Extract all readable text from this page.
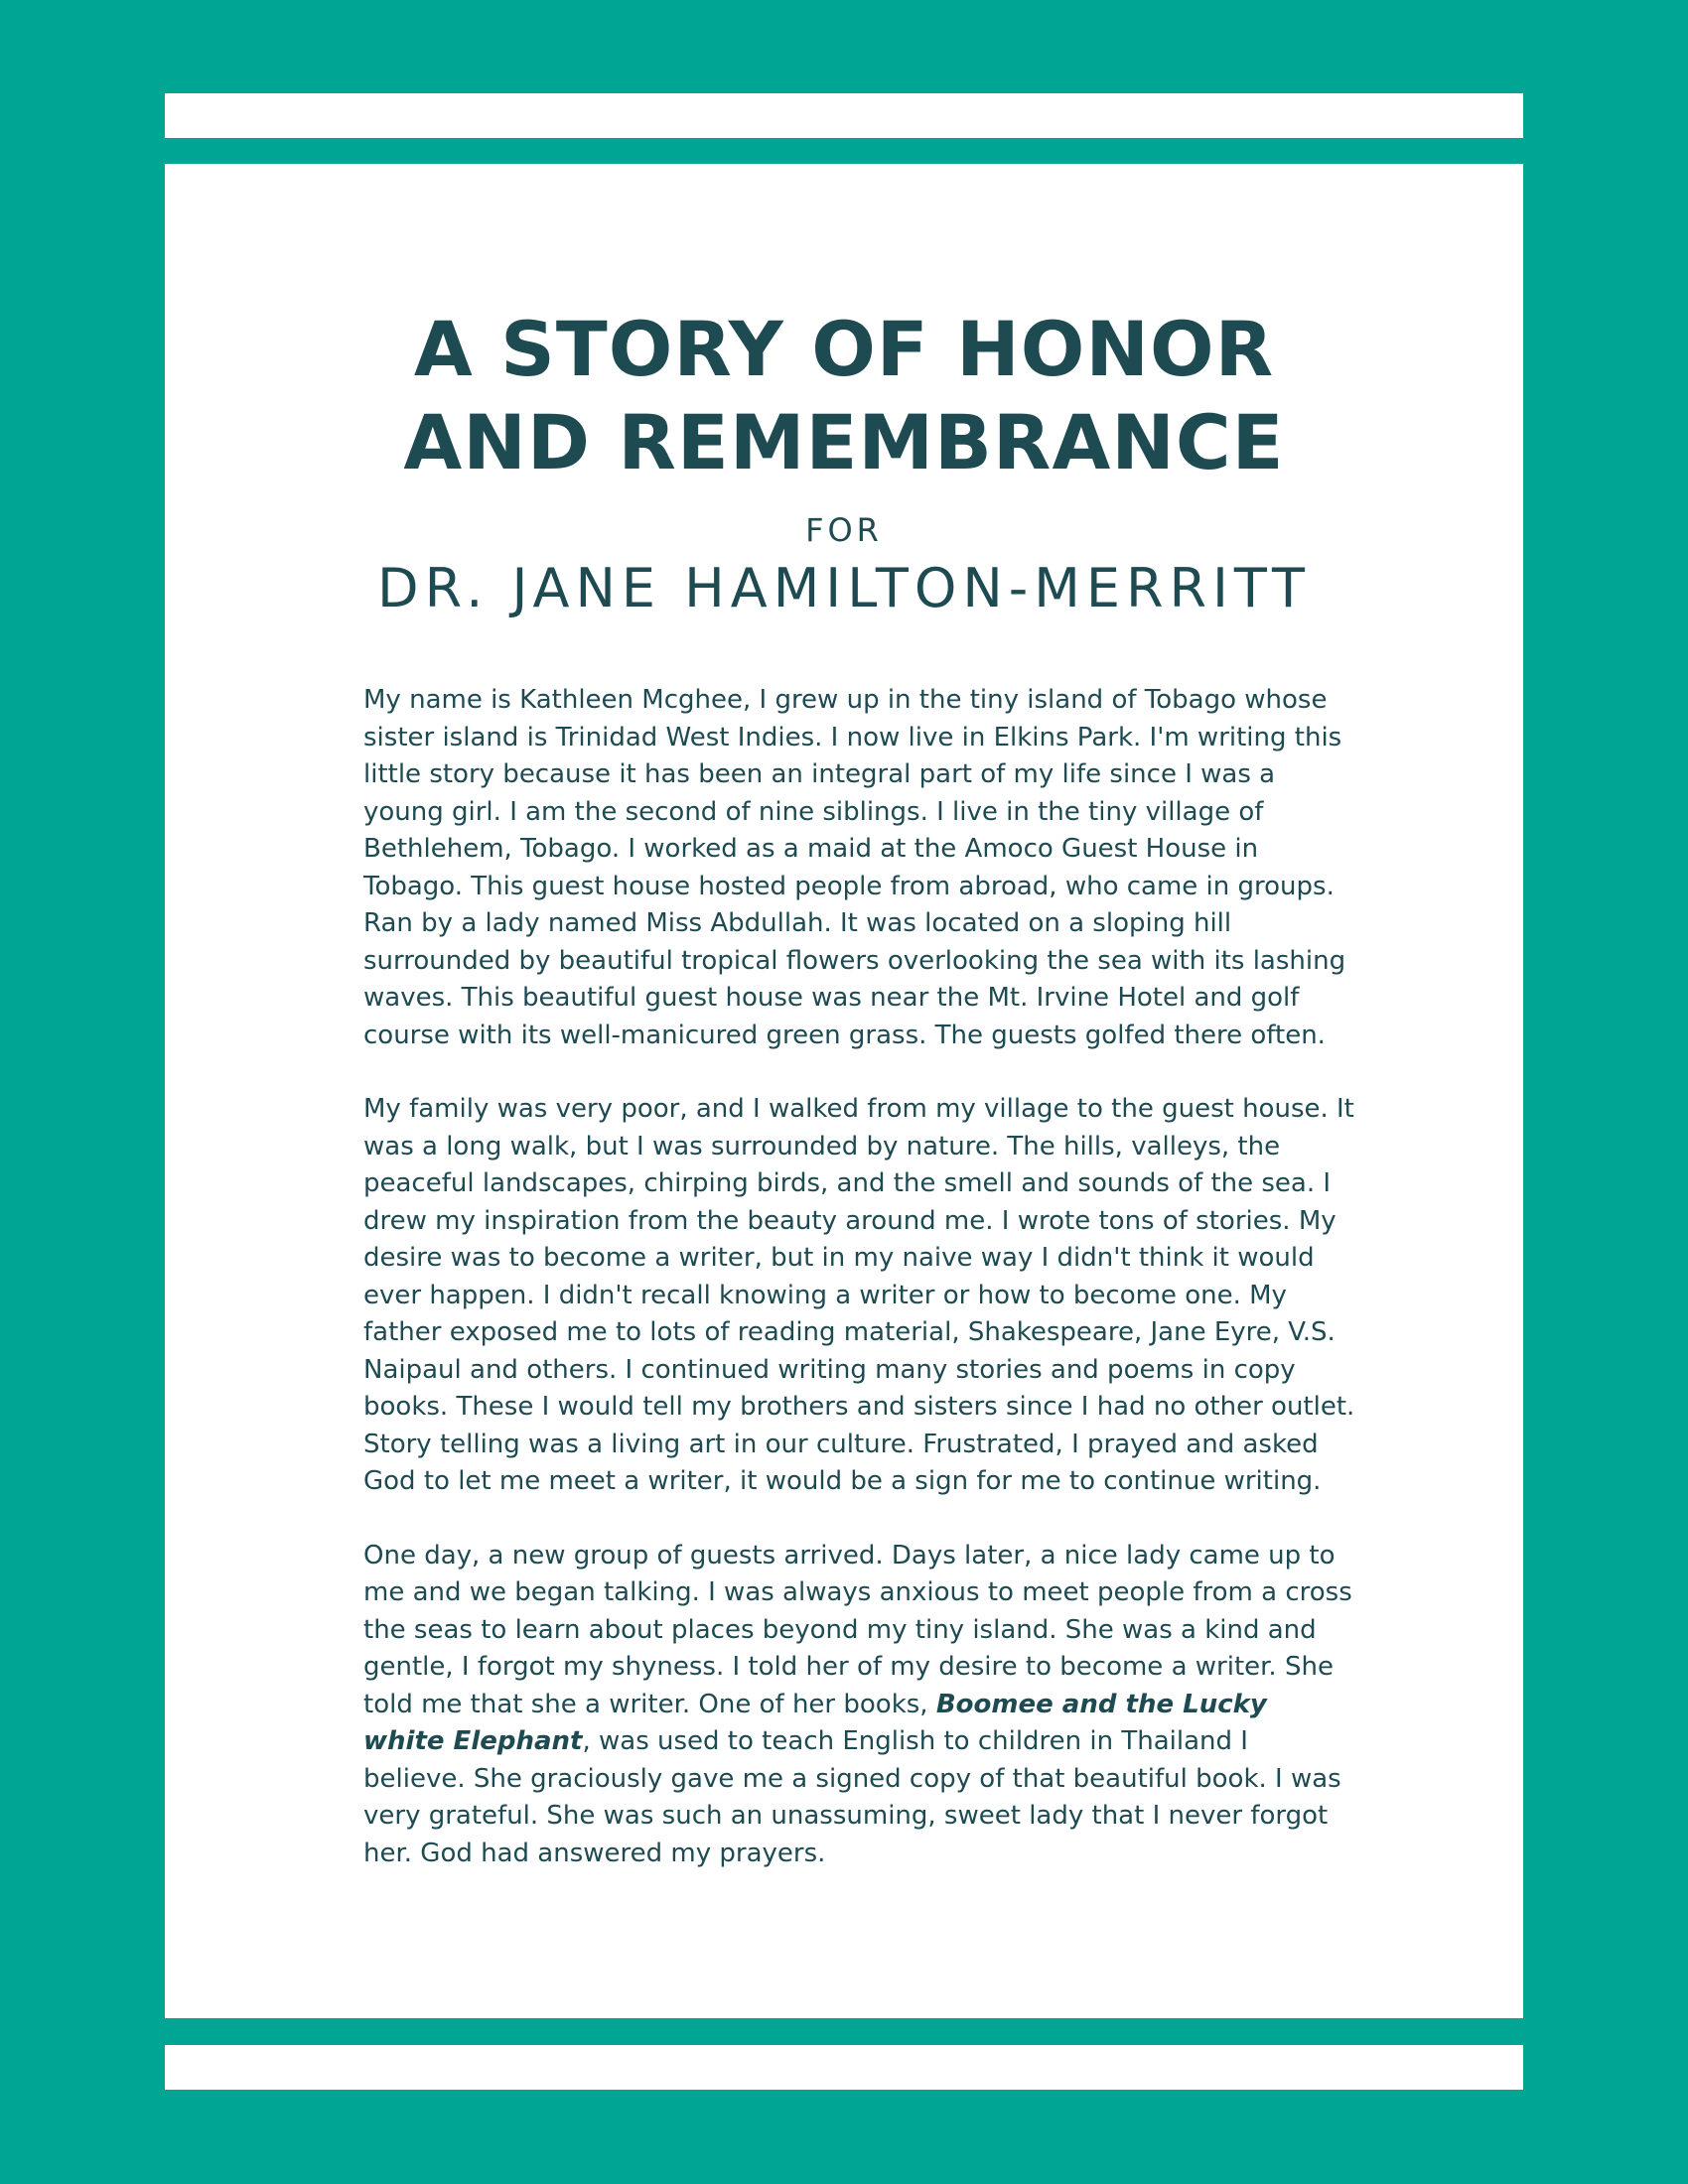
A STORY OF HONOR
AND REMEMBRANCE
FOR
DR. JANE HAMILTON-MERRITT

My name is Kathleen Mcghee, I grew up in the tiny island of Tobago whose sister island is Trinidad West Indies. I now live in Elkins Park. I'm writing this little story because it has been an integral part of my life since I was a young girl. I am the second of nine siblings. I live in the tiny village of Bethlehem, Tobago. I worked as a maid at the Amoco Guest House in Tobago. This guest house hosted people from abroad, who came in groups. Ran by a lady named Miss Abdullah. It was located on a sloping hill surrounded by beautiful tropical flowers overlooking the sea with its lashing waves. This beautiful guest house was near the Mt. Irvine Hotel and golf course with its well-manicured green grass. The guests golfed there often.

My family was very poor, and I walked from my village to the guest house. It was a long walk, but I was surrounded by nature. The hills, valleys, the peaceful landscapes, chirping birds, and the smell and sounds of the sea. I drew my inspiration from the beauty around me. I wrote tons of stories. My desire was to become a writer, but in my naive way I didn't think it would ever happen. I didn't recall knowing a writer or how to become one. My father exposed me to lots of reading material, Shakespeare, Jane Eyre, V.S. Naipaul and others. I continued writing many stories and poems in copy books. These I would tell my brothers and sisters since I had no other outlet. Story telling was a living art in our culture. Frustrated, I prayed and asked God to let me meet a writer, it would be a sign for me to continue writing.

One day, a new group of guests arrived. Days later, a nice lady came up to me and we began talking. I was always anxious to meet people from a cross the seas to learn about places beyond my tiny island. She was a kind and gentle, I forgot my shyness. I told her of my desire to become a writer. She told me that she a writer. One of her books, Boomee and the Lucky white Elephant, was used to teach English to children in Thailand I believe. She graciously gave me a signed copy of that beautiful book. I was very grateful. She was such an unassuming, sweet lady that I never forgot her. God had answered my prayers.
